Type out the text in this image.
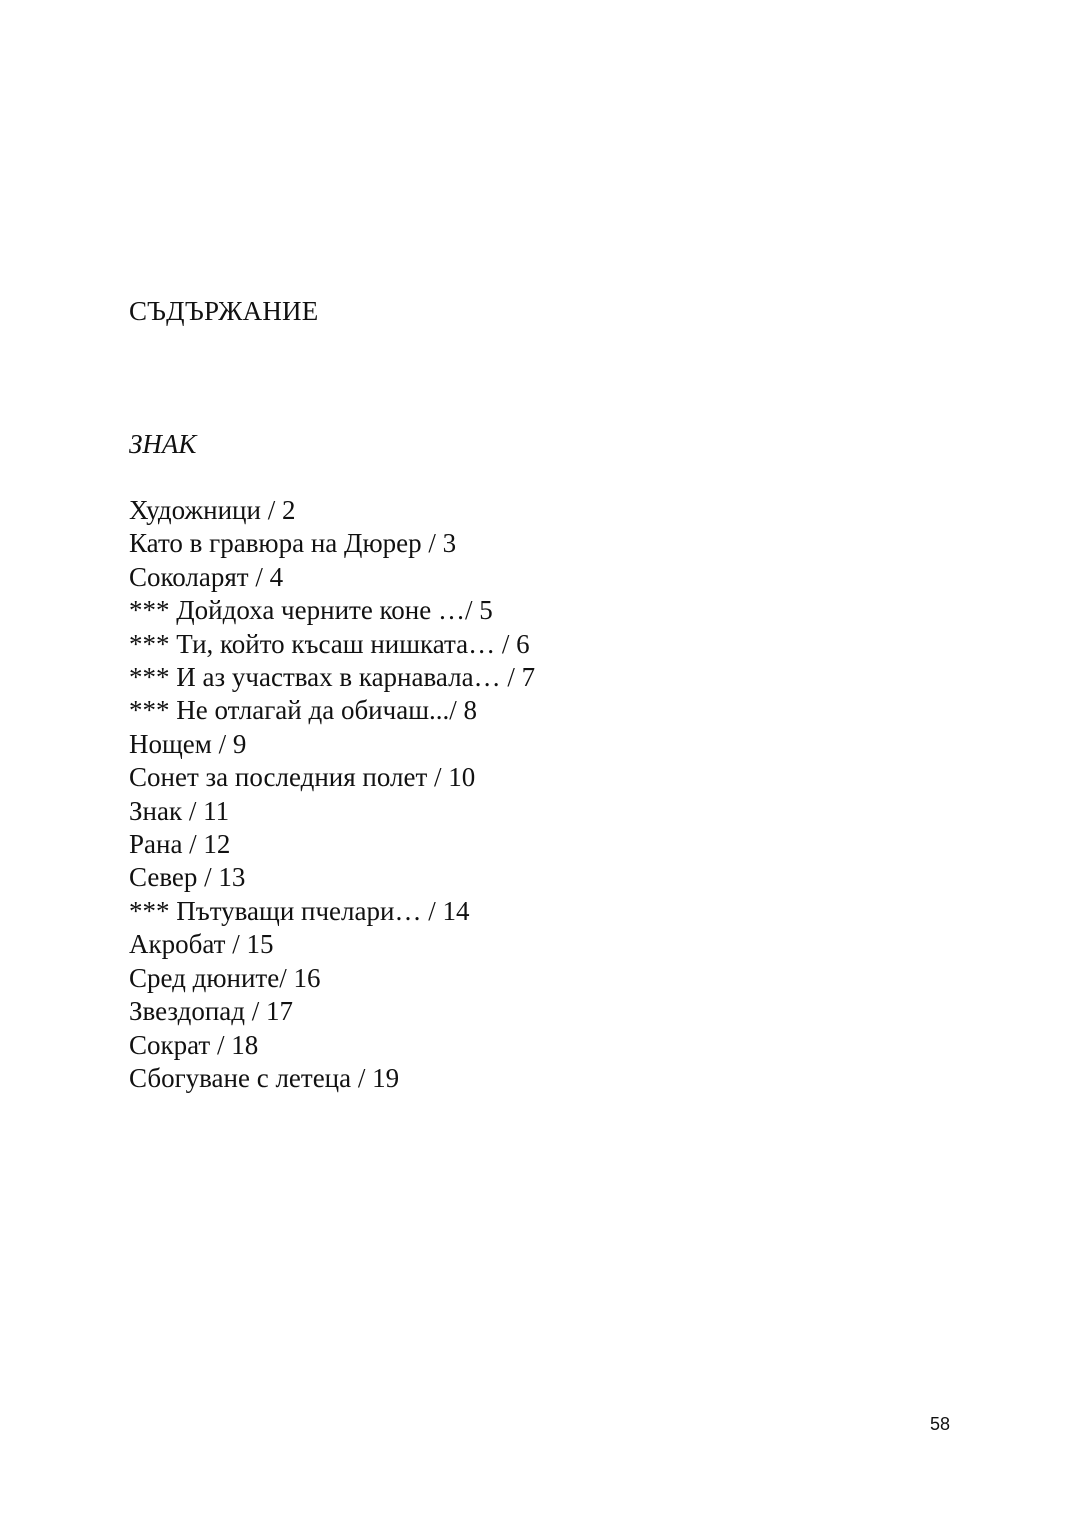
СЪДЪРЖАНИЕ
ЗНАК
Художници / 2
Като в гравюра на Дюрер / 3
Соколарят / 4
*** Дойдоха черните коне …/ 5
*** Ти, който късаш нишката… / 6
*** И аз участвах в карнавала… / 7
*** Не отлагай да обичаш.../ 8
Нощем / 9
Сонет за последния полет / 10
Знак / 11
Рана / 12
Север / 13
*** Пътуващи пчелари… / 14
Акробат / 15
Сред дюните/ 16
Звездопад / 17
Сократ / 18
Сбогуване с летеца / 19
58
